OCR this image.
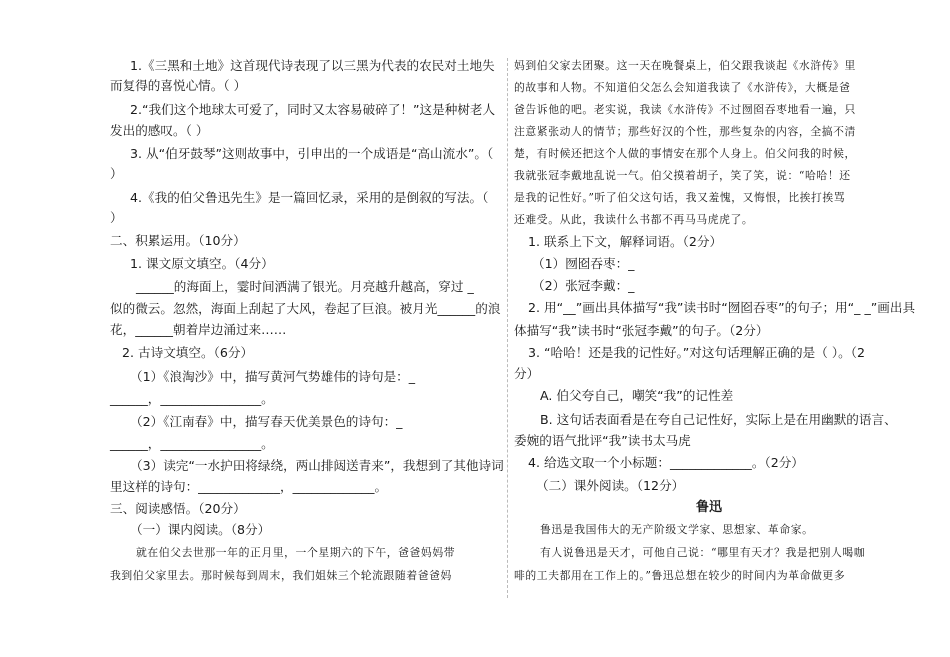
1.《三黑和土地》这首现代诗表现了以三黑为代表的农民对土地失
而复得的喜悦心情。（ ）
2.“我们这个地球太可爱了，同时又太容易破碎了！”这是种树老人
发出的感叹。（ ）
3. 从“伯牙鼓琴”这则故事中，引申出的一个成语是“高山流水”。（
）
4.《我的伯父鲁迅先生》是一篇回忆录，采用的是倒叙的写法。（
）
二、积累运用。（10分）
1. 课文原文填空。（4分）
______的海面上，霎时间洒满了银光。月亮越升越高，穿过 _
似的微云。忽然，海面上刮起了大风，卷起了巨浪。被月光______的浪
花，______朝着岸边涌过来……
2. 古诗文填空。（6分）
（1）《浪淘沙》中，描写黄河气势雄伟的诗句是：_
______，________________。
（2）《江南春》中，描写春天优美景色的诗句：_
______，________________。
（3）读完“一水护田将绿绕，两山排闼送青来”，我想到了其他诗词
里这样的诗句：_____________，_____________。
三、阅读感悟。（20分）
（一）课内阅读。（8分）
就在伯父去世那一年的正月里，一个星期六的下午，爸爸妈妈带
我到伯父家里去。那时候每到周末，我们姐妹三个轮流跟随着爸爸妈
妈到伯父家去团聚。这一天在晚餐桌上，伯父跟我谈起《水浒传》里
的故事和人物。不知道伯父怎么会知道我读了《水浒传》，大概是爸
爸告诉他的吧。老实说，我读《水浒传》不过囫囵吞枣地看一遍，只
注意紧张动人的情节；那些好汉的个性，那些复杂的内容，全搞不清
楚，有时候还把这个人做的事情安在那个人身上。伯父问我的时候，
我就张冠李戴地乱说一气。伯父摸着胡子，笑了笑，说：“哈哈！还
是我的记性好。”听了伯父这句话，我又羞愧，又悔恨，比挨打挨骂
还难受。从此，我读什么书都不再马马虎虎了。
1. 联系上下文，解释词语。（2分）
（1）囫囵吞枣：_
（2）张冠李戴：_
2. 用“__”画出具体描写“我”读书时“囫囵吞枣”的句子；用“_ _”画出具
体描写“我”读书时“张冠李戴”的句子。（2分）
3. “哈哈！还是我的记性好。”对这句话理解正确的是（ ）。（2
分）
A. 伯父夸自己，嘲笑“我”的记性差
B. 这句话表面看是在夸自己记性好，实际上是在用幽默的语言、
委婉的语气批评“我”读书太马虎
4. 给选文取一个小标题：_____________。（2分）
（二）课外阅读。（12分）
鲁迅
鲁迅是我国伟大的无产阶级文学家、思想家、革命家。
有人说鲁迅是天才，可他自己说：“哪里有天才？我是把别人喝咖
啡的工夫都用在工作上的。”鲁迅总想在较少的时间内为革命做更多
